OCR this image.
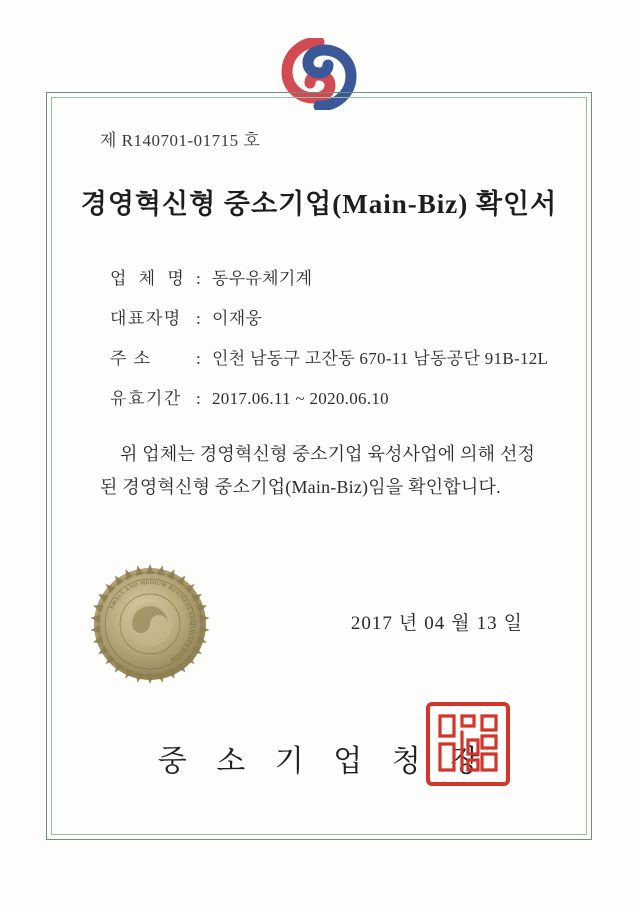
제 R140701-01715 호
경영혁신형 중소기업(Main-Biz) 확인서
업 체 명 : 동우유체기계
대표자명 : 이재웅
주 소	: 인천 남동구 고잔동 670-11 남동공단 91B-12L
유효기간 : 2017.06.11 ~ 2020.06.10
위 업체는 경영혁신형 중소기업 육성사업에 의해 선정된 경영혁신형 중소기업(Main-Biz)임을 확인합니다.
SMALL AND MEDIUM BUSINESS ADMINISTRATION
2017 년 04 월 13 일
중 소 기 업 청 장
